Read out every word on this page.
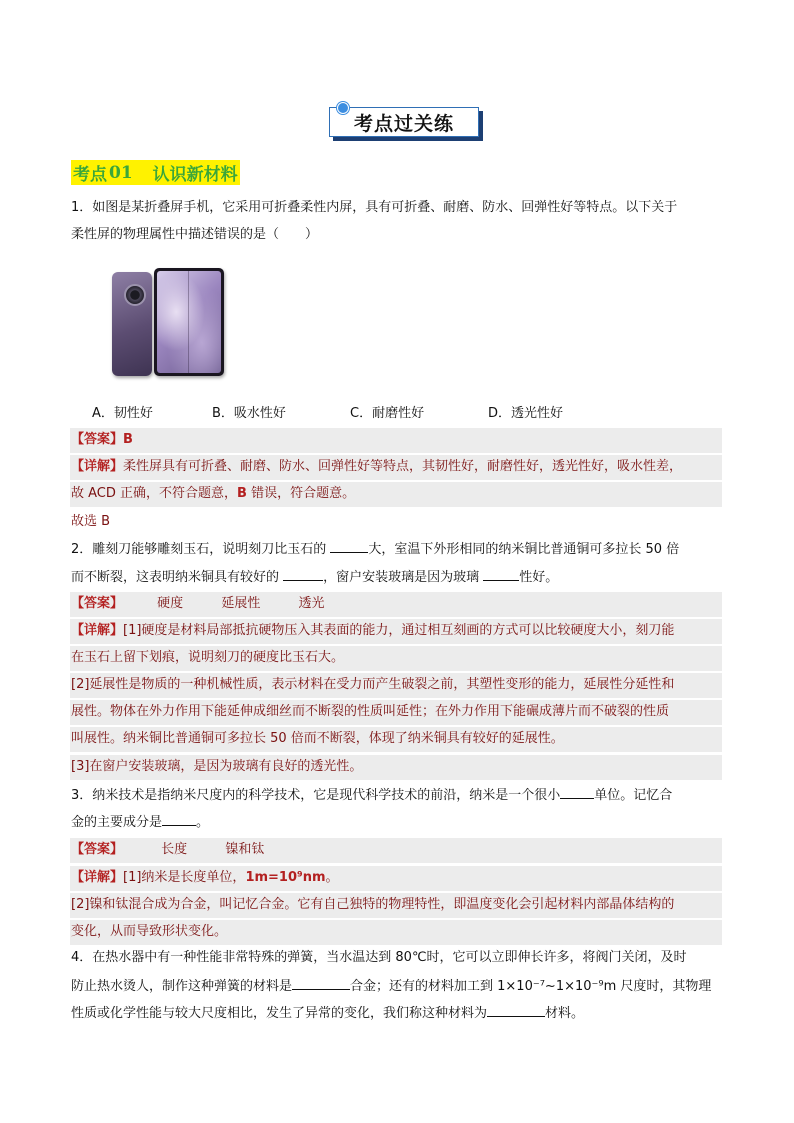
考点过关练
考点 01 认识新材料
1．如图是某折叠屏手机，它采用可折叠柔性内屏，具有可折叠、耐磨、防水、回弹性好等特点。以下关于
柔性屏的物理属性中描述错误的是（　　）
A．韧性好	B．吸水性好	C．耐磨性好	D．透光性好
【答案】B
【详解】柔性屏具有可折叠、耐磨、防水、回弹性好等特点，其韧性好，耐磨性好，透光性好，吸水性差，
故 ACD 正确，不符合题意，B 错误，符合题意。
故选 B
2．雕刻刀能够雕刻玉石，说明刻刀比玉石的	大，室温下外形相同的纳米铜比普通铜可多拉长 50 倍
而不断裂，这表明纳米铜具有较好的	，窗户安装玻璃是因为玻璃	性好。
【答案】	硬度	延展性	透光
【详解】[1]硬度是材料局部抵抗硬物压入其表面的能力，通过相互刻画的方式可以比较硬度大小，刻刀能
在玉石上留下划痕，说明刻刀的硬度比玉石大。
[2]延展性是物质的一种机械性质，表示材料在受力而产生破裂之前，其塑性变形的能力，延展性分延性和
展性。物体在外力作用下能延伸成细丝而不断裂的性质叫延性；在外力作用下能碾成薄片而不破裂的性质
叫展性。纳米铜比普通铜可多拉长 50 倍而不断裂，体现了纳米铜具有较好的延展性。
[3]在窗户安装玻璃，是因为玻璃有良好的透光性。
3．纳米技术是指纳米尺度内的科学技术，它是现代科学技术的前沿，纳米是一个很小	单位。记忆合
金的主要成分是	。
【答案】	长度	镍和钛
【详解】[1]纳米是长度单位，1m=10⁹nm。
[2]镍和钛混合成为合金，叫记忆合金。它有自己独特的物理特性，即温度变化会引起材料内部晶体结构的
变化，从而导致形状变化。
4．在热水器中有一种性能非常特殊的弹簧，当水温达到 80℃时，它可以立即伸长许多，将阀门关闭，及时
防止热水烫人，制作这种弹簧的材料是	合金；还有的材料加工到 1×10⁻⁷~1×10⁻⁹m 尺度时，其物理
性质或化学性能与较大尺度相比，发生了异常的变化，我们称这种材料为	材料。
